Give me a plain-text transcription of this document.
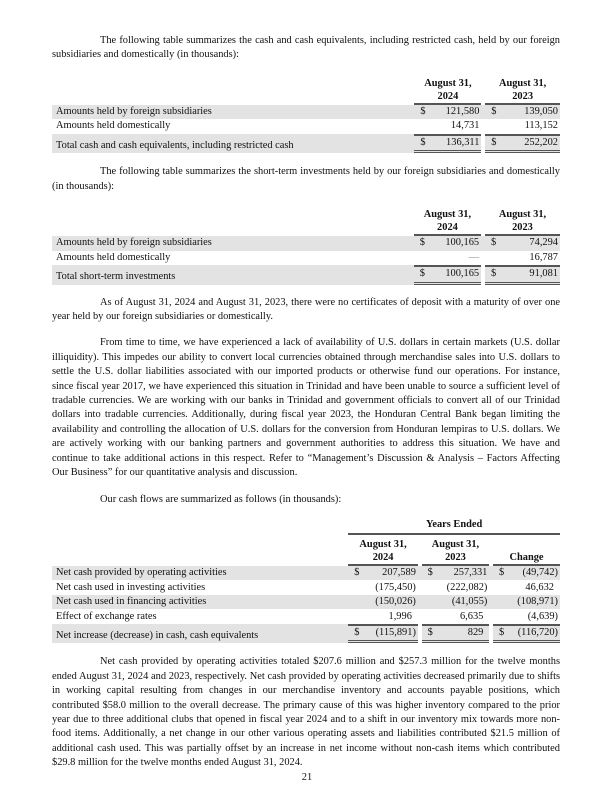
The following table summarizes the cash and cash equivalents, including restricted cash, held by our foreign subsidiaries and domestically (in thousands):

	August 31,
2024			August 31,
2023	
Amounts held by foreign subsidiaries	$	121,580		$	139,050
Amounts held domestically		14,731			113,152
Total cash and cash equivalents, including restricted cash	$	136,311		$	252,202

The following table summarizes the short-term investments held by our foreign subsidiaries and domestically (in thousands):

	August 31,
2024			August 31,
2023	
Amounts held by foreign subsidiaries	$	100,165		$	74,294
Amounts held domestically		—			16,787
Total short-term investments	$	100,165		$	91,081

As of August 31, 2024 and August 31, 2023, there were no certificates of deposit with a maturity of over one year held by our foreign subsidiaries or domestically.

From time to time, we have experienced a lack of availability of U.S. dollars in certain markets (U.S. dollar illiquidity). This impedes our ability to convert local currencies obtained through merchandise sales into U.S. dollars to settle the U.S. dollar liabilities associated with our imported products or otherwise fund our operations. For instance, since fiscal year 2017, we have experienced this situation in Trinidad and have been unable to source a sufficient level of tradable currencies. We are working with our banks in Trinidad and government officials to convert all of our Trinidad dollars into tradable currencies. Additionally, during fiscal year 2023, the Honduran Central Bank began limiting the availability and controlling the allocation of U.S. dollars for the conversion from Honduran lempiras to U.S. dollars. We are actively working with our banking partners and government authorities to address this situation. We have and continue to take additional actions in this respect. Refer to “Management’s Discussion & Analysis – Factors Affecting Our Business” for our quantitative analysis and discussion.

Our cash flows are summarized as follows (in thousands):

	Years Ended							
	August 31,
2024			August 31,
2023			Change	
Net cash provided by operating activities	$	207,589		$	257,331		$	(49,742)
Net cash used in investing activities		(175,450)			(222,082)			46,632
Net cash used in financing activities		(150,026)			(41,055)			(108,971)
Effect of exchange rates		1,996			6,635			(4,639)
Net increase (decrease) in cash, cash equivalents	$	(115,891)		$	829		$	(116,720)

Net cash provided by operating activities totaled $207.6 million and $257.3 million for the twelve months ended August 31, 2024 and 2023, respectively. Net cash provided by operating activities decreased primarily due to shifts in working capital resulting from changes in our merchandise inventory and accounts payable positions, which contributed $58.0 million to the overall decrease. The primary cause of this was higher inventory compared to the prior year due to three additional clubs that opened in fiscal year 2024 and to a shift in our inventory mix towards more non-food items. Additionally, a net change in our other various operating assets and liabilities contributed $21.5 million of additional cash used. This was partially offset by an increase in net income without non-cash items which contributed $29.8 million for the twelve months ended August 31, 2024.

21
